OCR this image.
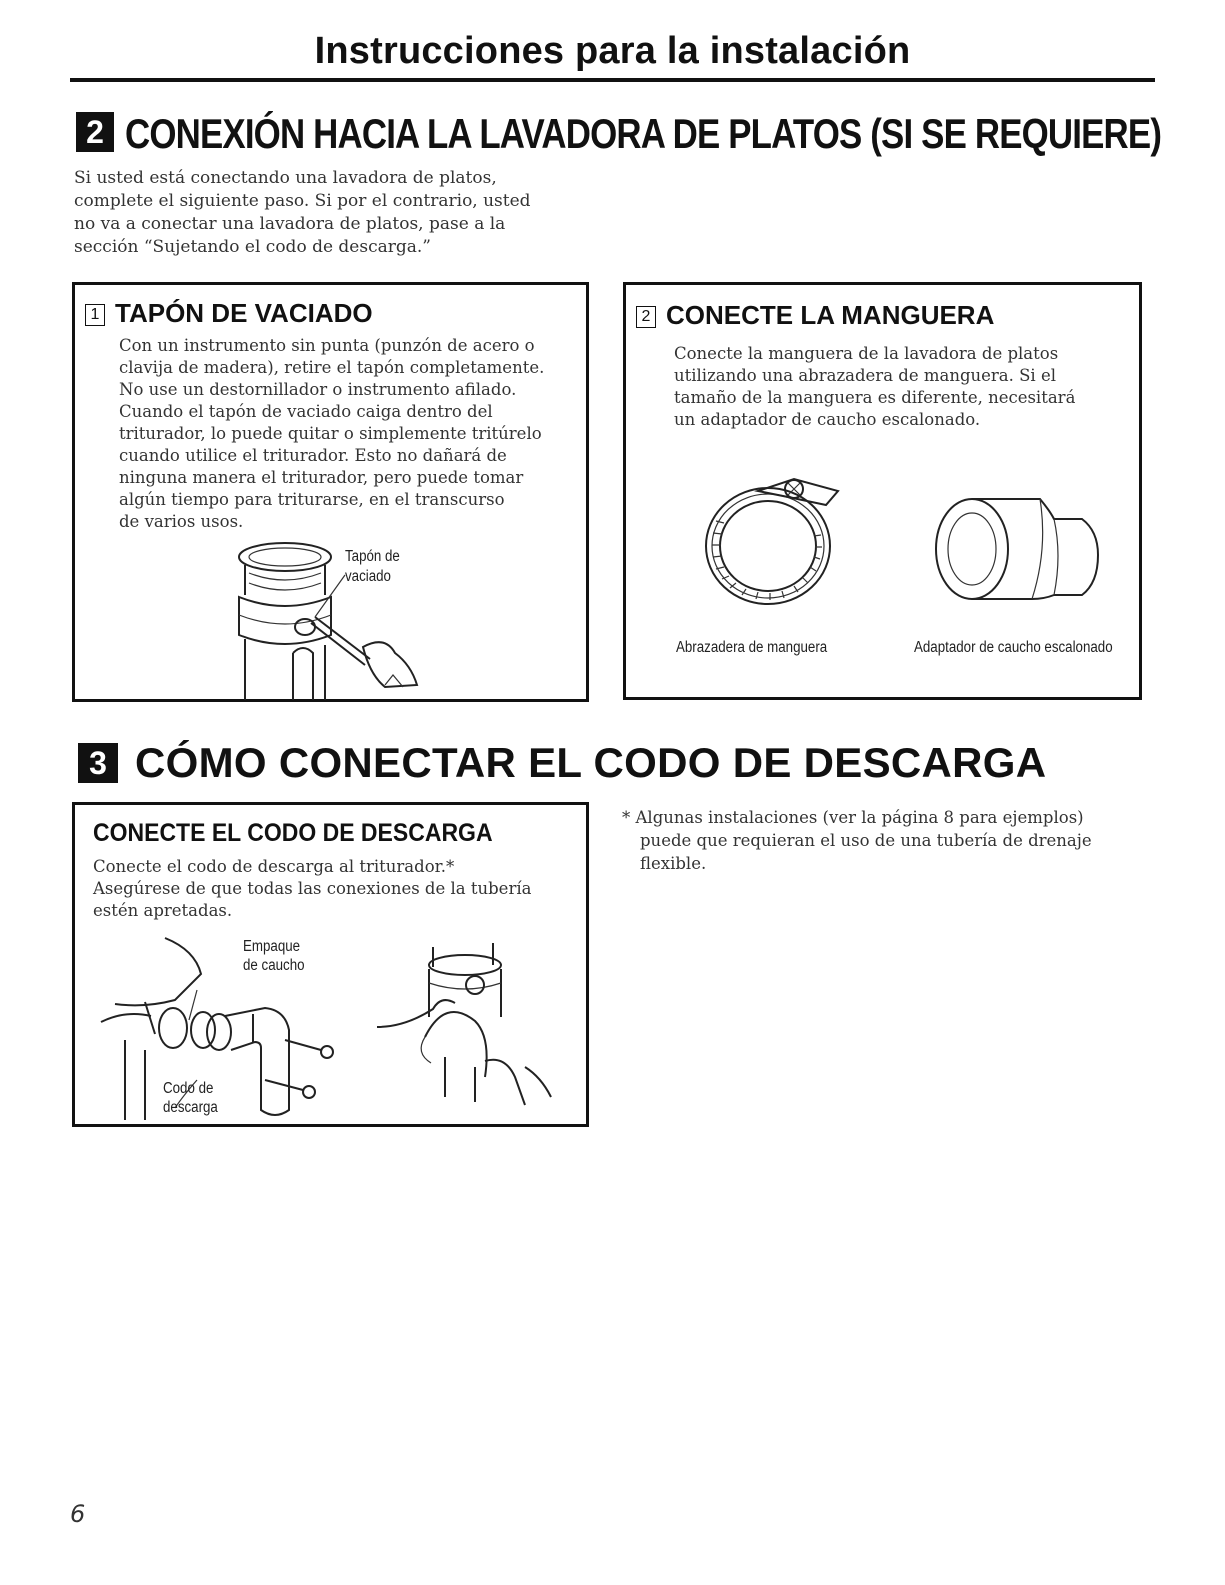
Instrucciones para la instalación
2 CONEXIÓN HACIA LA LAVADORA DE PLATOS (SI SE REQUIERE)
Si usted está conectando una lavadora de platos,
complete el siguiente paso. Si por el contrario, usted
no va a conectar una lavadora de platos, pase a la
sección “Sujetando el codo de descarga.”
1 TAPÓN DE VACIADO
Con un instrumento sin punta (punzón de acero o
clavija de madera), retire el tapón completamente.
No use un destornillador o instrumento afilado.
Cuando el tapón de vaciado caiga dentro del
triturador, lo puede quitar o simplemente tritúrelo
cuando utilice el triturador. Esto no dañará de
ninguna manera el triturador, pero puede tomar
algún tiempo para triturarse, en el transcurso
de varios usos.
Tapón de
vaciado
2 CONECTE LA MANGUERA
Conecte la manguera de la lavadora de platos
utilizando una abrazadera de manguera. Si el
tamaño de la manguera es diferente, necesitará
un adaptador de caucho escalonado.
Abrazadera de manguera	Adaptador de caucho escalonado
3 CÓMO CONECTAR EL CODO DE DESCARGA
CONECTE EL CODO DE DESCARGA
Conecte el codo de descarga al triturador.*
Asegúrese de que todas las conexiones de la tubería
estén apretadas.
Empaque
de caucho
Codo de
descarga
* Algunas instalaciones (ver la página 8 para ejemplos)
puede que requieran el uso de una tubería de drenaje
flexible.
6
